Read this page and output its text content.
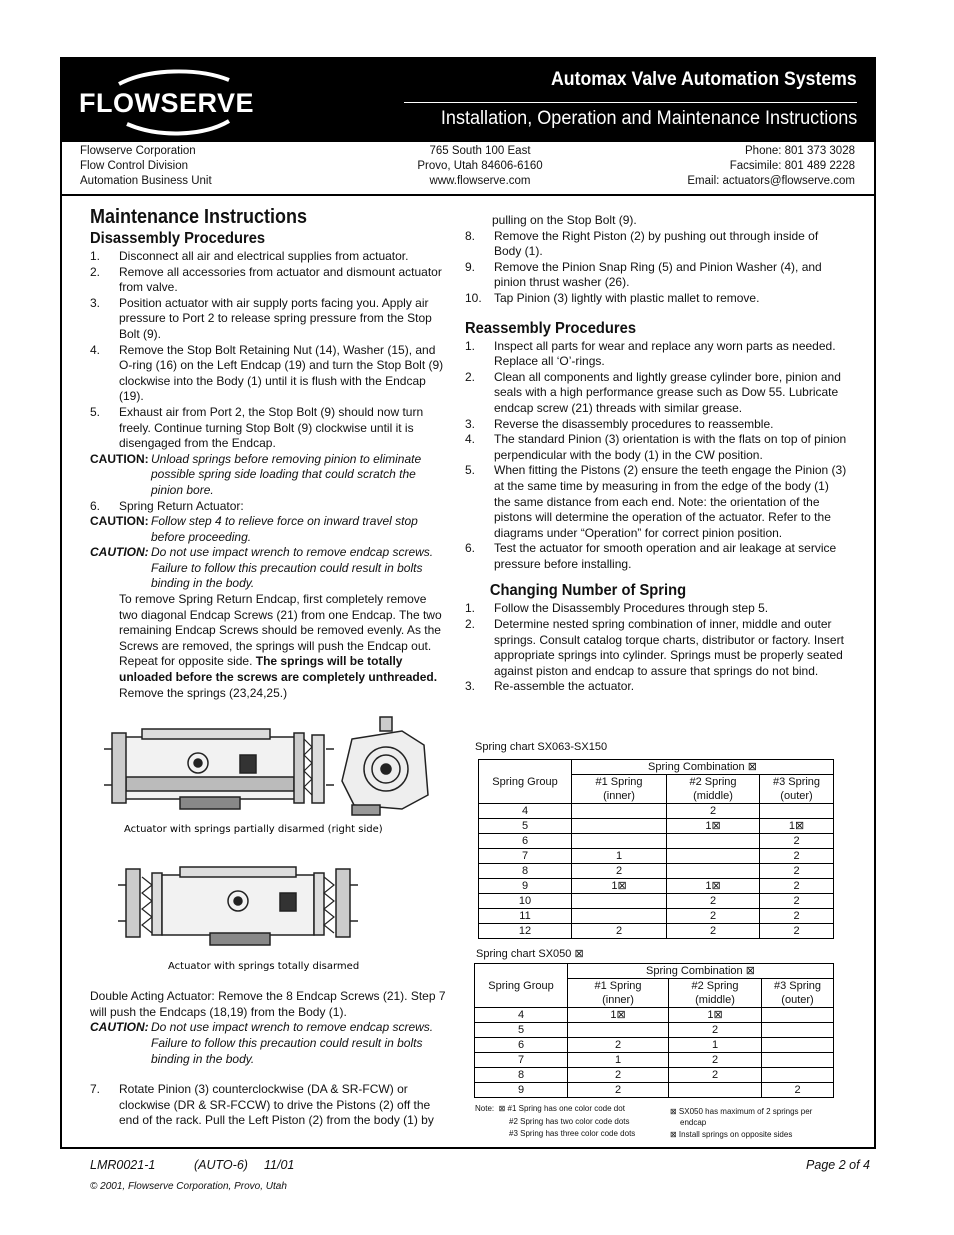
FLOWSERVE
Automax Valve Automation Systems
Installation, Operation and Maintenance Instructions
Flowserve Corporation
Flow Control Division
Automation Business Unit
765 South 100 East
Provo, Utah 84606-6160
www.flowserve.com
Phone: 801 373 3028
Facsimile: 801 489 2228
Email: actuators@flowserve.com
Maintenance Instructions
Disassembly Procedures
1. Disconnect all air and electrical supplies from actuator.
2. Remove all accessories from actuator and dismount actuator from valve.
3. Position actuator with air supply ports facing you. Apply air pressure to Port 2 to release spring pressure from the Stop Bolt (9).
4. Remove the Stop Bolt Retaining Nut (14), Washer (15), and O-ring (16) on the Left Endcap (19) and turn the Stop Bolt (9) clockwise into the Body (1) until it is flush with the Endcap (19).
5. Exhaust air from Port 2, the Stop Bolt (9) should now turn freely. Continue turning Stop Bolt (9) clockwise until it is disengaged from the Endcap.
CAUTION: Unload springs before removing pinion to eliminate possible spring side loading that could scratch the pinion bore.
6. Spring Return Actuator:
CAUTION: Follow step 4 to relieve force on inward travel stop before proceeding.
CAUTION: Do not use impact wrench to remove endcap screws. Failure to follow this precaution could result in bolts binding in the body.

To remove Spring Return Endcap, first completely remove two diagonal Endcap Screws (21) from one Endcap. The two remaining Endcap Screws should be removed evenly. As the Screws are removed, the springs will push the Endcap out. Repeat for opposite side. The springs will be totally unloaded before the screws are completely unthreaded. Remove the springs (23,24,25.)

Actuator with springs partially disarmed (right side)
Actuator with springs totally disarmed

Double Acting Actuator: Remove the 8 Endcap Screws (21). Step 7 will push the Endcaps (18,19) from the Body (1).

CAUTION: Do not use impact wrench to remove endcap screws. Failure to follow this precaution could result in bolts binding in the body.
7. Rotate Pinion (3) counterclockwise (DA & SR-FCW) or clockwise (DR & SR-FCCW) to drive the Pistons (2) off the end of the rack. Pull the Left Piston (2) from the body (1) by

pulling on the Stop Bolt (9).

8. Remove the Right Piston (2) by pushing out through inside of Body (1).
9. Remove the Pinion Snap Ring (5) and Pinion Washer (4), and pinion thrust washer (26).
10. Tap Pinion (3) lightly with plastic mallet to remove.
Reassembly Procedures
1. Inspect all parts for wear and replace any worn parts as needed. Replace all ‘O’-rings.
2. Clean all components and lightly grease cylinder bore, pinion and seals with a high performance grease such as Dow 55. Lubricate endcap screw (21) threads with similar grease.
3. Reverse the disassembly procedures to reassemble.
4. The standard Pinion (3) orientation is with the flats on top of pinion perpendicular with the body (1) in the CW position.
5. When fitting the Pistons (2) ensure the teeth engage the Pinion (3) at the same time by measuring in from the edge of the body (1) the same distance from each end. Note: the orientation of the pistons will determine the operation of the actuator. Refer to the diagrams under “Operation” for correct pinion position.
6. Test the actuator for smooth operation and air leakage at service pressure before installing.
Changing Number of Spring
1. Follow the Disassembly Procedures through step 5.
2. Determine nested spring combination of inner, middle and outer springs. Consult catalog torque charts, distributor or factory. Insert appropriate springs into cylinder. Springs must be properly seated against piston and endcap to assure that springs do not bind.
3. Re-assemble the actuator.
Spring chart SX063-SX150
Spring Group	Spring Combination ⊠		
	#1 Spring
(inner)	#2 Spring
(middle)	#3 Spring
(outer)
4		2	
5		1⊠	1⊠
6			2
7	1		2
8	2		2
9	1⊠	1⊠	2
10		2	2
11		2	2
12	2	2	2
Spring chart SX050 ⊠
Spring Group	Spring Combination ⊠		
	#1 Spring
(inner)	#2 Spring
(middle)	#3 Spring
(outer)
4	1⊠	1⊠	
5		2	
6	2	1	
7	1	2	
8	2	2	
9	2		2
Note: ⊠ #1 Spring has one color code dot
#2 Spring has two color code dots
#3 Spring has three color code dots
⊠ SX050 has maximum of 2 springs per
endcap
⊠ Install springs on opposite sides
LMR0021-1	(AUTO-6) 11/01
© 2001, Flowserve Corporation, Provo, Utah
Page 2 of 4
